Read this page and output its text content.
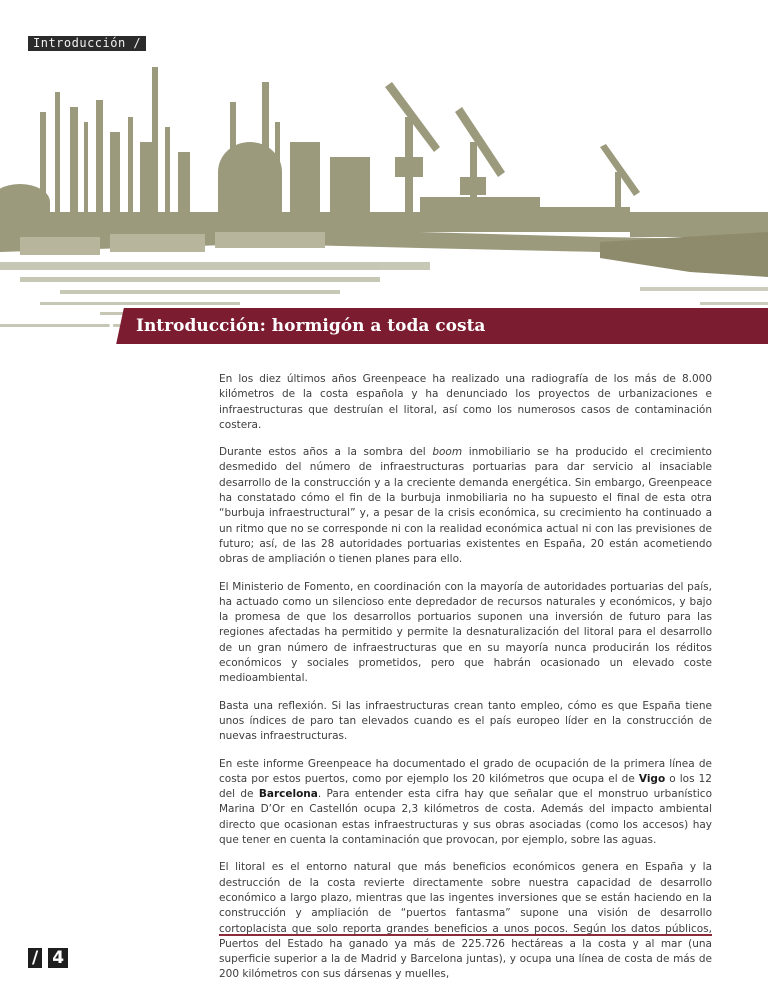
Introducción /
1 Introducción: hormigón a toda costa

En los diez últimos años Greenpeace ha realizado una radiografía de los más de 8.000 kilómetros de la costa española y ha denunciado los proyectos de urbanizaciones e infraestructuras que destruían el litoral, así como los numerosos casos de contaminación costera.

Durante estos años a la sombra del boom inmobiliario se ha producido el crecimiento desmedido del número de infraestructuras portuarias para dar servicio al insaciable desarrollo de la construcción y a la creciente demanda energética. Sin embargo, Greenpeace ha constatado cómo el fin de la burbuja inmobiliaria no ha supuesto el final de esta otra “burbuja infraestructural” y, a pesar de la crisis económica, su crecimiento ha continuado a un ritmo que no se corresponde ni con la realidad económica actual ni con las previsiones de futuro; así, de las 28 autoridades portuarias existentes en España, 20 están acometiendo obras de ampliación o tienen planes para ello.

El Ministerio de Fomento, en coordinación con la mayoría de autoridades portuarias del país, ha actuado como un silencioso ente depredador de recursos naturales y económicos, y bajo la promesa de que los desarrollos portuarios suponen una inversión de futuro para las regiones afectadas ha permitido y permite la desnaturalización del litoral para el desarrollo de un gran número de infraestructuras que en su mayoría nunca producirán los réditos económicos y sociales prometidos, pero que habrán ocasionado un elevado coste medioambiental.

Basta una reflexión. Si las infraestructuras crean tanto empleo, cómo es que España tiene unos índices de paro tan elevados cuando es el país europeo líder en la construcción de nuevas infraestructuras.

En este informe Greenpeace ha documentado el grado de ocupación de la primera línea de costa por estos puertos, como por ejemplo los 20 kilómetros que ocupa el de Vigo o los 12 del de Barcelona. Para entender esta cifra hay que señalar que el monstruo urbanístico Marina D’Or en Castellón ocupa 2,3 kilómetros de costa. Además del impacto ambiental directo que ocasionan estas infraestructuras y sus obras asociadas (como los accesos) hay que tener en cuenta la contaminación que provocan, por ejemplo, sobre las aguas.

El litoral es el entorno natural que más beneficios económicos genera en España y la destrucción de la costa revierte directamente sobre nuestra capacidad de desarrollo económico a largo plazo, mientras que las ingentes inversiones que se están haciendo en la construcción y ampliación de “puertos fantasma” supone una visión de desarrollo cortoplacista que solo reporta grandes beneficios a unos pocos. Según los datos públicos, Puertos del Estado ha ganado ya más de 225.726 hectáreas a la costa y al mar (una superficie superior a la de Madrid y Barcelona juntas), y ocupa una línea de costa de más de 200 kilómetros con sus dársenas y muelles,

/ 4
